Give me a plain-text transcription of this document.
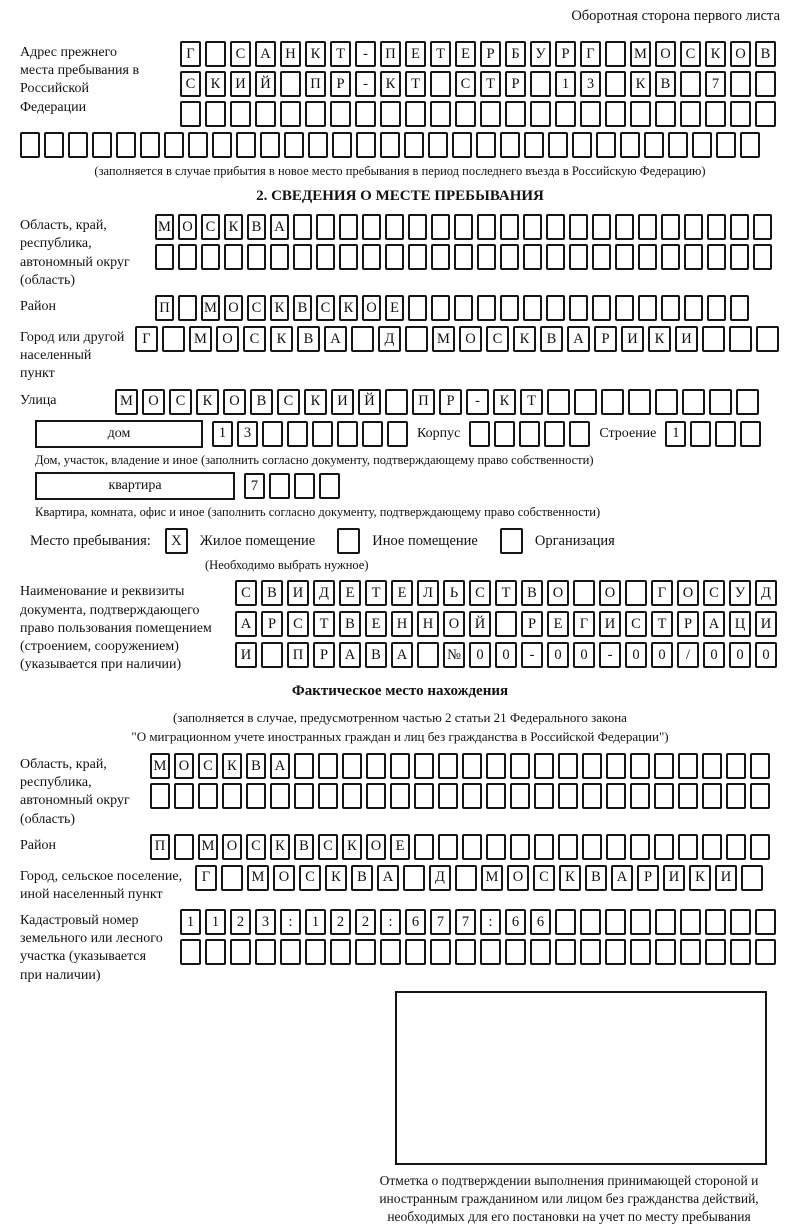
Оборотная сторона первого листа
Адрес прежнего места пребывания в Российской Федерации
Г	С	А	Н	К	Т	-	П	Е	Т	Е	Р	Б	У	Р	Г	М О	С	К	О	В
С	К	И	Й	П	Р	-	К	Т	С	Т	Р	1	3	К	В	7
(заполняется в случае прибытия в новое место пребывания в период последнего въезда в Российскую Федерацию)
2. СВЕДЕНИЯ О МЕСТЕ ПРЕБЫВАНИЯ
Область, край, республика, автономный округ (область)
М О С К В А
Район	П М О С К В С К О Е
Город или другой населенный пункт
Г	М	О	С	К	В	А	Д	М	О	С	К	В	А	Р	И	К	И
Улица	М	О	С	К	О	В	С	К	И	Й	П	Р	-	К	Т
дом	1	3	Корпус	Строение	1
Дом, участок, владение и иное (заполнить согласно документу, подтверждающему право собственности)
квартира	7
Квартира, комната, офис и иное (заполнить согласно документу, подтверждающему право собственности)
Место пребывания:	X	Жилое помещение	Иное помещение	Организация
(Необходимо выбрать нужное)
Наименование и реквизиты документа, подтверждающего право пользования помещением (строением, сооружением) (указывается при наличии)
С	В	И	Д	Е	Т	Е	Л	Ь	С	Т	В	О	О	Г	О	С	У	Д
А	Р	С	Т	В	Е	Н	Н	О	Й	Р	Е	Г	И	С	Т	Р	А	Ц	И
И	П	Р	А	В	А	№	0	0	-	0	0	-	0	0	/	0	0	0
Фактическое место нахождения
(заполняется в случае, предусмотренном частью 2 статьи 21 Федерального закона
"О миграционном учете иностранных граждан и лиц без гражданства в Российской Федерации")
Область, край, республика, автономный округ (область)
М О С К В А
Район	П	М О С К В С К О Е
Город, сельское поселение, иной населенный пункт
Г	М О	С	К	В	А	Д	М О	С	К	В	А	Р	И	К	И
Кадастровый номер земельного или лесного участка (указывается при наличии)
1	1	2	3	:	1	2	2	:	6	7	7	:	6	6
Отметка о подтверждении выполнения принимающей стороной и иностранным гражданином или лицом без гражданства действий, необходимых для его постановки на учет по месту пребывания
